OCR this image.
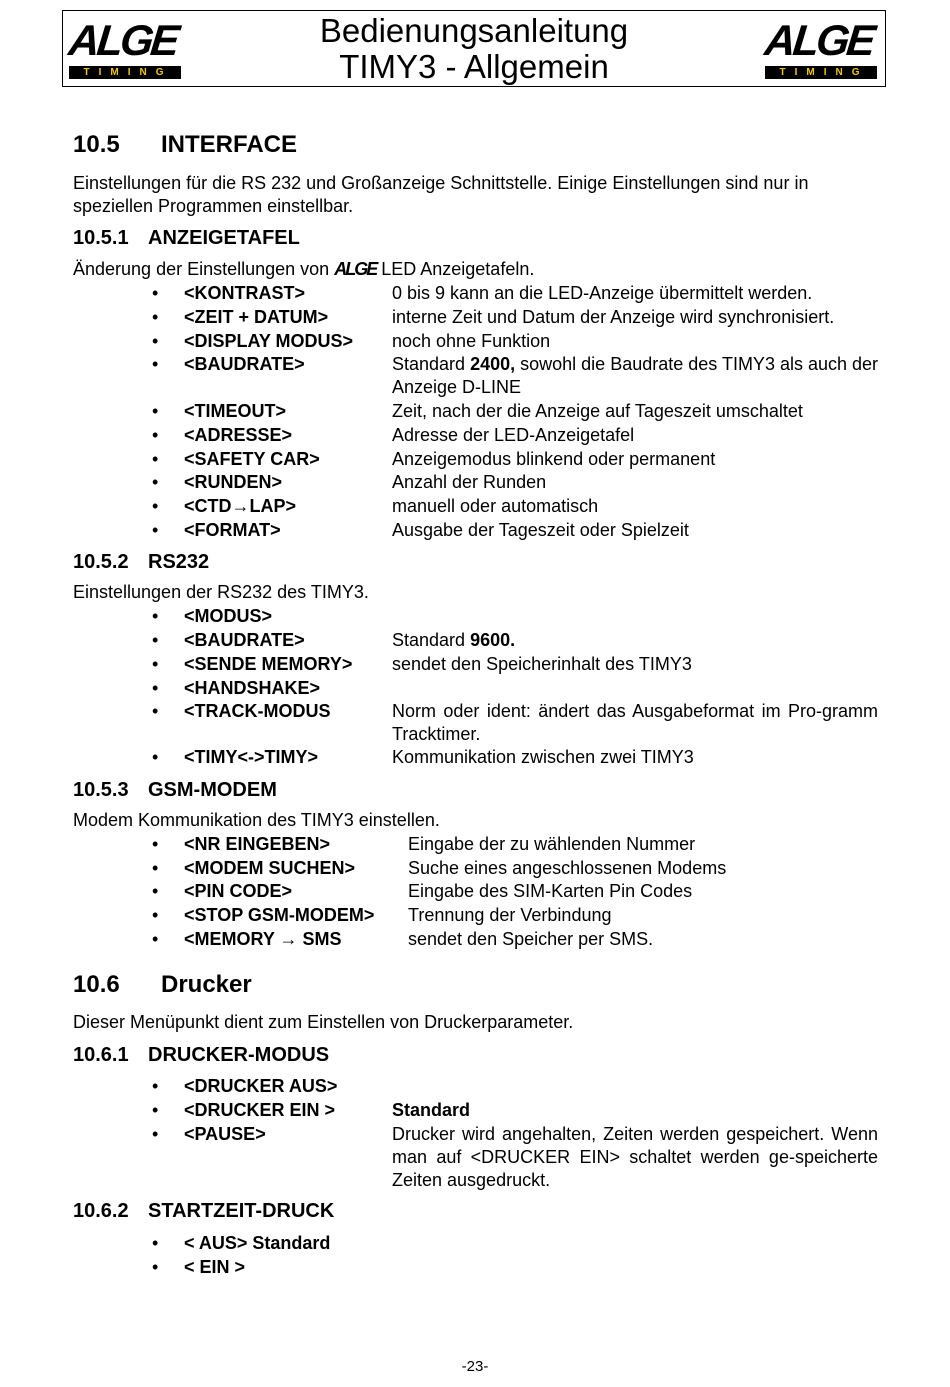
ALGE
TIMING
Bedienungsanleitung
TIMY3 - Allgemein
ALGE
TIMING
10.5 INTERFACE
Einstellungen für die RS 232 und Großanzeige Schnittstelle. Einige Einstellungen sind nur in speziellen Programmen einstellbar.
10.5.1 ANZEIGETAFEL
Änderung der Einstellungen von ALGE LED Anzeigetafeln.
•	<KONTRAST>	0 bis 9 kann an die LED-Anzeige übermittelt werden.
•	<ZEIT + DATUM>	interne Zeit und Datum der Anzeige wird synchronisiert.
•	<DISPLAY MODUS> noch ohne Funktion
•	<BAUDRATE>	Standard 2400, sowohl die Baudrate des TIMY3 als auch der Anzeige D-LINE
•	<TIMEOUT>	Zeit, nach der die Anzeige auf Tageszeit umschaltet
•	<ADRESSE>	Adresse der LED-Anzeigetafel
•	<SAFETY CAR>	Anzeigemodus blinkend oder permanent
•	<RUNDEN>	Anzahl der Runden
•	<CTD→LAP>	manuell oder automatisch
•	<FORMAT>	Ausgabe der Tageszeit oder Spielzeit
10.5.2 RS232
Einstellungen der RS232 des TIMY3.
•	<MODUS>
•	<BAUDRATE>	Standard 9600.
•	<SENDE MEMORY> sendet den Speicherinhalt des TIMY3
•	<HANDSHAKE>
•	<TRACK-MODUS	Norm oder ident: ändert das Ausgabeformat im Pro-gramm Tracktimer.
•	<TIMY<->TIMY>	Kommunikation zwischen zwei TIMY3
10.5.3 GSM-MODEM
Modem Kommunikation des TIMY3 einstellen.
•	<NR EINGEBEN>	Eingabe der zu wählenden Nummer
•	<MODEM SUCHEN>	Suche eines angeschlossenen Modems
•	<PIN CODE>	Eingabe des SIM-Karten Pin Codes
•	<STOP GSM-MODEM> Trennung der Verbindung
•	<MEMORY → SMS	sendet den Speicher per SMS.
10.6 Drucker
Dieser Menüpunkt dient zum Einstellen von Druckerparameter.
10.6.1 DRUCKER-MODUS
•	<DRUCKER AUS>
•	<DRUCKER EIN >	Standard
•	<PAUSE>	Drucker wird angehalten, Zeiten werden gespeichert. Wenn man auf <DRUCKER EIN> schaltet werden ge-speicherte Zeiten ausgedruckt.
10.6.2 STARTZEIT-DRUCK
•	< AUS> Standard
•	< EIN >
-23-
